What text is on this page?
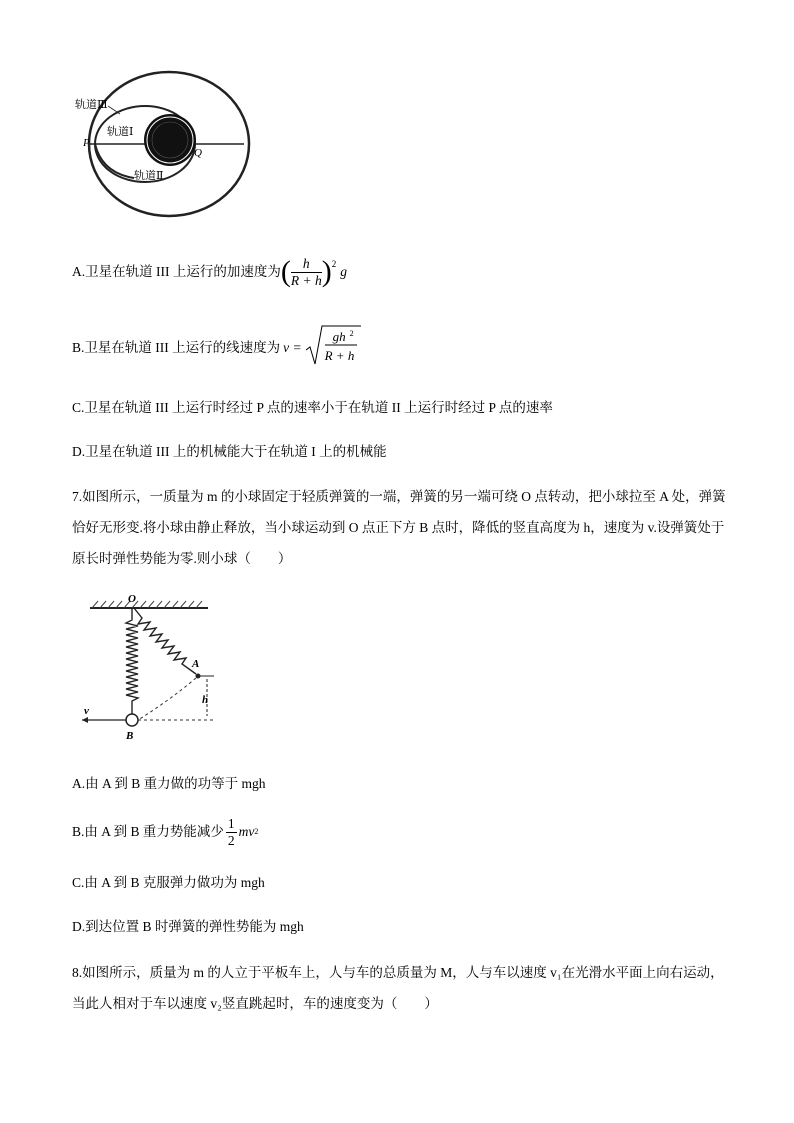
轨道Ⅲ
轨道Ⅰ
P
Q
轨道Ⅱ
A.卫星在轨道 III 上运行的加速度为 ( $\frac{h}{R + h} )^2$ g
B.卫星在轨道 III 上运行的线速度为 v =
gh 2
R + h
C.卫星在轨道 III 上运行时经过 P 点的速率小于在轨道 II 上运行时经过 P 点的速率
D.卫星在轨道 III 上的机械能大于在轨道 I 上的机械能
7.如图所示，一质量为 m 的小球固定于轻质弹簧的一端，弹簧的另一端可绕 O 点转动，把小球拉至 A 处，弹簧恰好无形变.将小球由静止释放，当小球运动到 O 点正下方 B 点时，降低的竖直高度为 h，速度为 v.设弹簧处于原长时弹性势能为零.则小球（　　）
O
A
h
v
B
A.由 A 到 B 重力做的功等于 mgh
B.由 A 到 B 重力势能减少 $\frac{1}{2}$ mv 2
C.由 A 到 B 克服弹力做功为 mgh
D.到达位置 B 时弹簧的弹性势能为 mgh
8.如图所示，质量为 m 的人立于平板车上，人与车的总质量为 M，人与车以速度 v₁在光滑水平面上向右运动，当此人相对于车以速度 v₂竖直跳起时，车的速度变为（　　）
